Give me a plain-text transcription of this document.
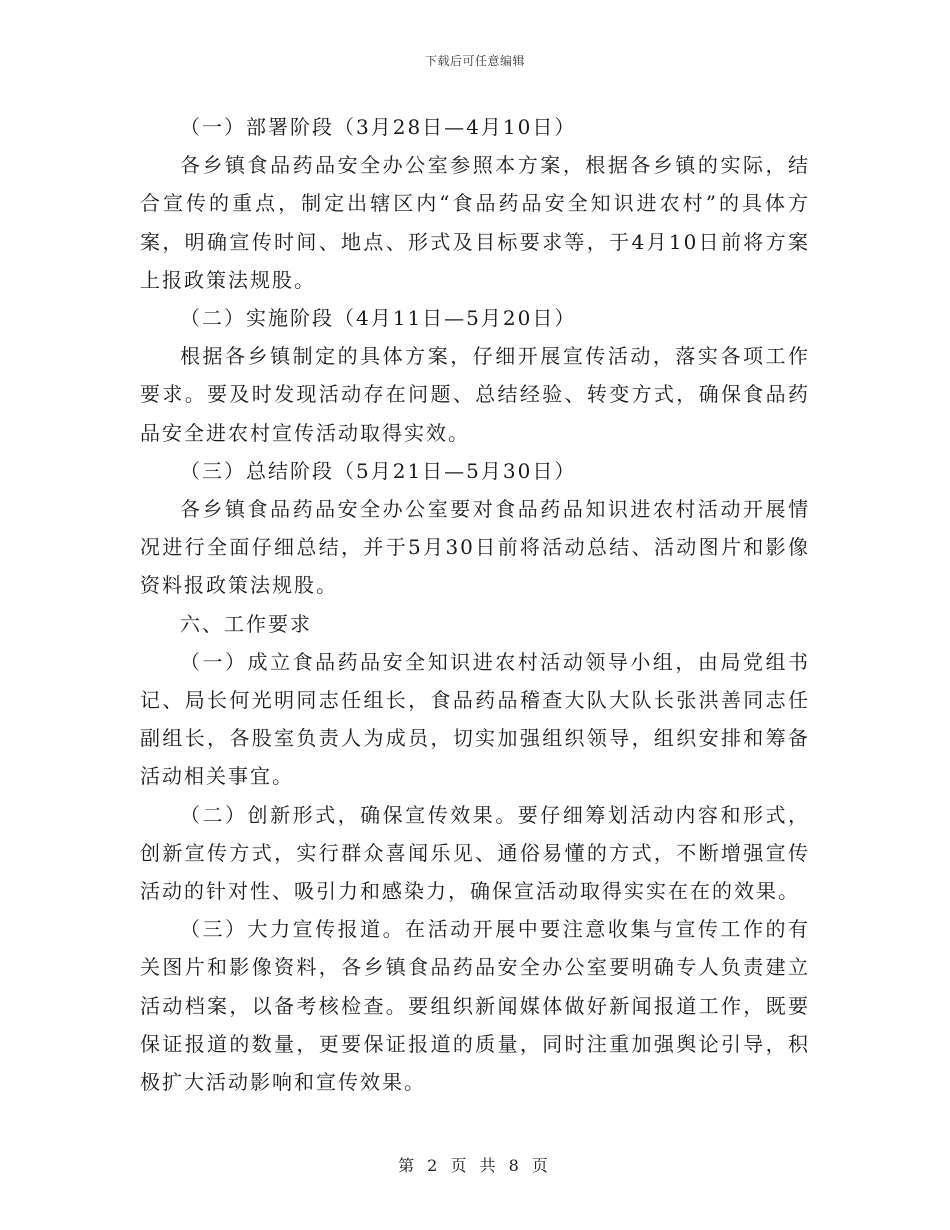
下载后可任意编辑

（一）部署阶段（3月28日—4月10日）

各乡镇食品药品安全办公室参照本方案，根据各乡镇的实际，结合宣传的重点，制定出辖区内“食品药品安全知识进农村”的具体方案，明确宣传时间、地点、形式及目标要求等，于4月10日前将方案上报政策法规股。

（二）实施阶段（4月11日—5月20日）

根据各乡镇制定的具体方案，仔细开展宣传活动，落实各项工作要求。要及时发现活动存在问题、总结经验、转变方式，确保食品药品安全进农村宣传活动取得实效。

（三）总结阶段（5月21日—5月30日）

各乡镇食品药品安全办公室要对食品药品知识进农村活动开展情况进行全面仔细总结，并于5月30日前将活动总结、活动图片和影像资料报政策法规股。

六、工作要求

（一）成立食品药品安全知识进农村活动领导小组，由局党组书记、局长何光明同志任组长，食品药品稽查大队大队长张洪善同志任副组长，各股室负责人为成员，切实加强组织领导，组织安排和筹备活动相关事宜。

（二）创新形式，确保宣传效果。要仔细筹划活动内容和形式，创新宣传方式，实行群众喜闻乐见、通俗易懂的方式，不断增强宣传活动的针对性、吸引力和感染力，确保宣活动取得实实在在的效果。

（三）大力宣传报道。在活动开展中要注意收集与宣传工作的有关图片和影像资料，各乡镇食品药品安全办公室要明确专人负责建立活动档案，以备考核检查。要组织新闻媒体做好新闻报道工作，既要保证报道的数量，更要保证报道的质量，同时注重加强舆论引导，积极扩大活动影响和宣传效果。

第 2 页 共 8 页
